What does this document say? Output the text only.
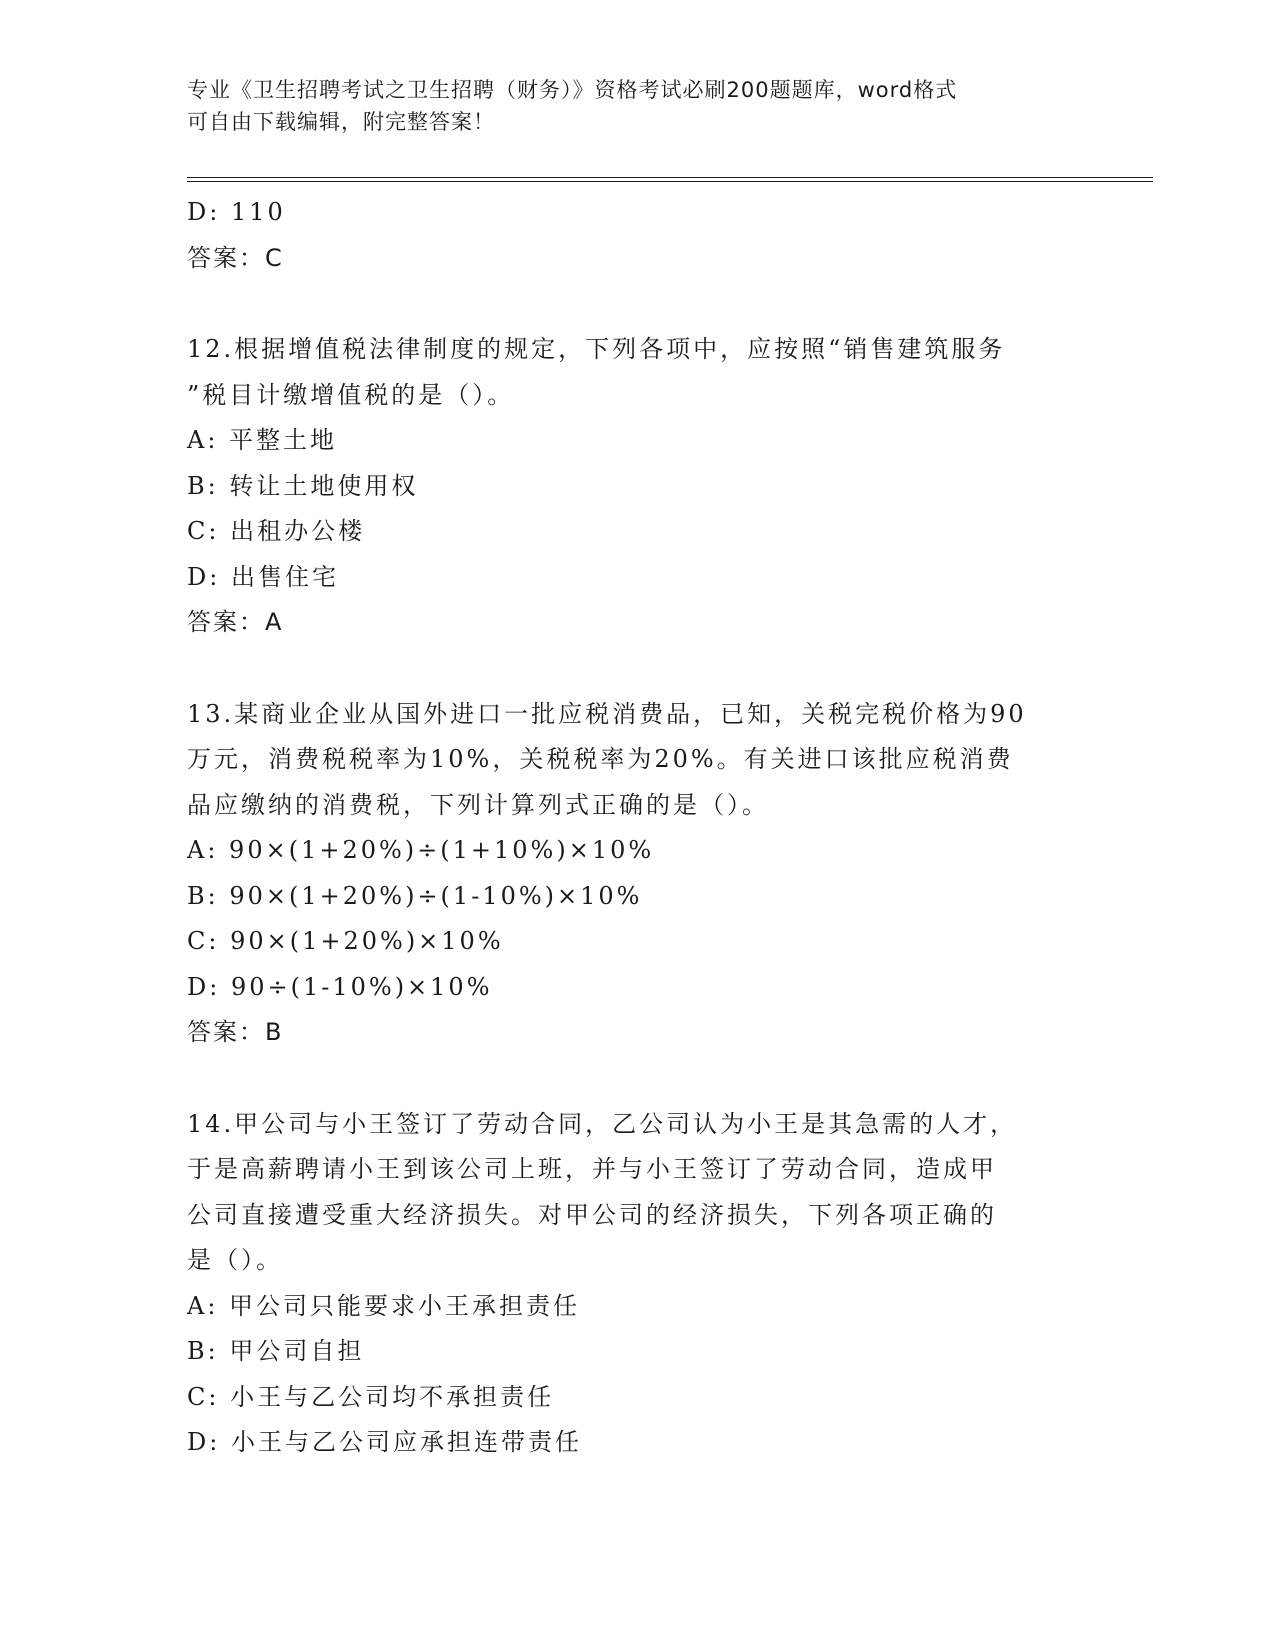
专业《卫生招聘考试之卫生招聘（财务）》资格考试必刷200题题库，word格式
可自由下载编辑，附完整答案！
D: 110
答案：C
12.根据增值税法律制度的规定，下列各项中，应按照“销售建筑服务
”税目计缴增值税的是（）。
A: 平整土地
B: 转让土地使用权
C: 出租办公楼
D: 出售住宅
答案：A
13.某商业企业从国外进口一批应税消费品，已知，关税完税价格为90
万元，消费税税率为10%，关税税率为20%。有关进口该批应税消费
品应缴纳的消费税，下列计算列式正确的是（）。
A: 90×(1+20%)÷(1+10%)×10%
B: 90×(1+20%)÷(1-10%)×10%
C: 90×(1+20%)×10%
D: 90÷(1-10%)×10%
答案：B
14.甲公司与小王签订了劳动合同，乙公司认为小王是其急需的人才，
于是高薪聘请小王到该公司上班，并与小王签订了劳动合同，造成甲
公司直接遭受重大经济损失。对甲公司的经济损失，下列各项正确的
是（）。
A: 甲公司只能要求小王承担责任
B: 甲公司自担
C: 小王与乙公司均不承担责任
D: 小王与乙公司应承担连带责任
